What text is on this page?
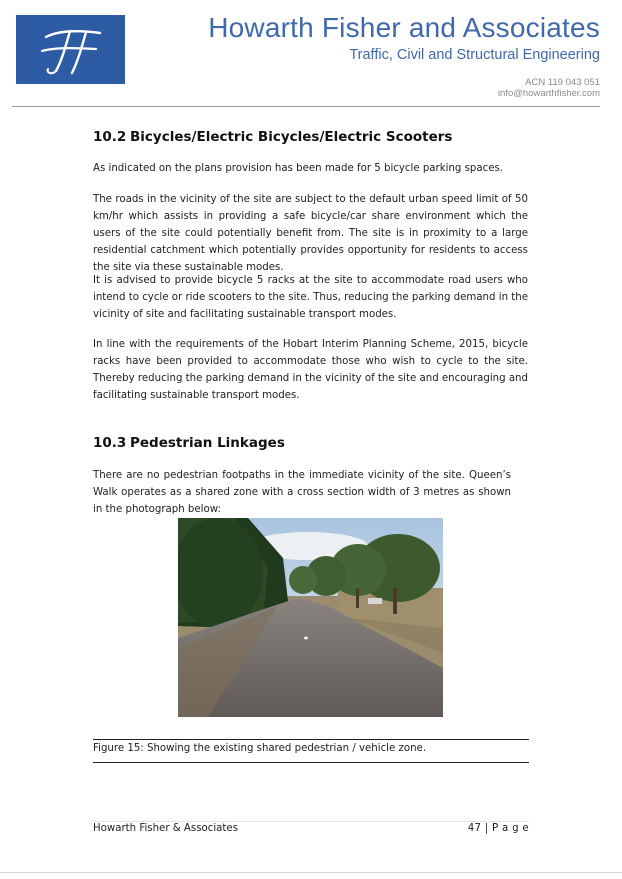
Howarth Fisher and Associates
Traffic, Civil and Structural Engineering
ACN 119 043 051
info@howarthfisher.com
10.2 Bicycles/Electric Bicycles/Electric Scooters

As indicated on the plans provision has been made for 5 bicycle parking spaces.

The roads in the vicinity of the site are subject to the default urban speed limit of 50 km/hr which assists in providing a safe bicycle/car share environment which the users of the site could potentially benefit from. The site is in proximity to a large residential catchment which potentially provides opportunity for residents to access the site via these sustainable modes.

It is advised to provide bicycle 5 racks at the site to accommodate road users who intend to cycle or ride scooters to the site. Thus, reducing the parking demand in the vicinity of site and facilitating sustainable transport modes.

In line with the requirements of the Hobart Interim Planning Scheme, 2015, bicycle racks have been provided to accommodate those who wish to cycle to the site. Thereby reducing the parking demand in the vicinity of the site and encouraging and facilitating sustainable transport modes.

10.3 Pedestrian Linkages

There are no pedestrian footpaths in the immediate vicinity of the site. Queen’s Walk operates as a shared zone with a cross section width of 3 metres as shown in the photograph below:

Figure 15: Showing the existing shared pedestrian / vehicle zone.
Howarth Fisher & Associates	47 | P a g e
